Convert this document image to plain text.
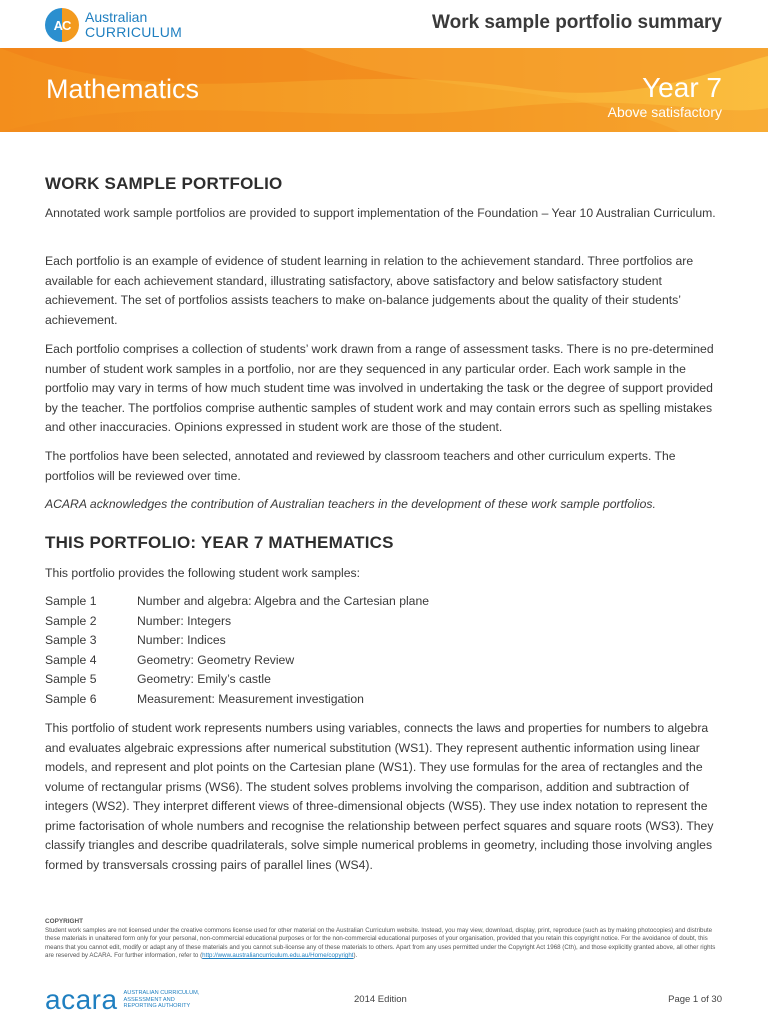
AC Australian
CURRICULUM	Work sample portfolio summary
Mathematics	Year 7
Above satisfactory
WORK SAMPLE PORTFOLIO

Annotated work sample portfolios are provided to support implementation of the Foundation – Year 10 Australian Curriculum.

Each portfolio is an example of evidence of student learning in relation to the achievement standard. Three portfolios are available for each achievement standard, illustrating satisfactory, above satisfactory and below satisfactory student achievement. The set of portfolios assists teachers to make on-balance judgements about the quality of their students’ achievement.

Each portfolio comprises a collection of students’ work drawn from a range of assessment tasks. There is no pre-determined number of student work samples in a portfolio, nor are they sequenced in any particular order. Each work sample in the portfolio may vary in terms of how much student time was involved in undertaking the task or the degree of support provided by the teacher. The portfolios comprise authentic samples of student work and may contain errors such as spelling mistakes and other inaccuracies. Opinions expressed in student work are those of the student.

The portfolios have been selected, annotated and reviewed by classroom teachers and other curriculum experts. The portfolios will be reviewed over time.

ACARA acknowledges the contribution of Australian teachers in the development of these work sample portfolios.

THIS PORTFOLIO: YEAR 7 MATHEMATICS

This portfolio provides the following student work samples:

Sample 1	Number and algebra: Algebra and the Cartesian plane
Sample 2	Number: Integers
Sample 3	Number: Indices
Sample 4	Geometry: Geometry Review
Sample 5	Geometry: Emily’s castle
Sample 6	Measurement: Measurement investigation

This portfolio of student work represents numbers using variables, connects the laws and properties for numbers to algebra and evaluates algebraic expressions after numerical substitution (WS1). They represent authentic information using linear models, and represent and plot points on the Cartesian plane (WS1). They use formulas for the area of rectangles and the volume of rectangular prisms (WS6). The student solves problems involving the comparison, addition and subtraction of integers (WS2). They interpret different views of three-dimensional objects (WS5). They use index notation to represent the prime factorisation of whole numbers and recognise the relationship between perfect squares and square roots (WS3). They classify triangles and describe quadrilaterals, solve simple numerical problems in geometry, including those involving angles formed by transversals crossing pairs of parallel lines (WS4).

COPYRIGHT
Student work samples are not licensed under the creative commons license used for other material on the Australian Curriculum website. Instead, you may view, download, display, print, reproduce (such as by making photocopies) and distribute these materials in unaltered form only for your personal, non-commercial educational purposes or for the non-commercial educational purposes of your organisation, provided that you retain this copyright notice. For the avoidance of doubt, this means that you cannot edit, modify or adapt any of these materials and you cannot sub-license any of these materials to others. Apart from any uses permitted under the Copyright Act 1968 (Cth), and those explicitly granted above, all other rights are reserved by ACARA. For further information, refer to (http://www.australiancurriculum.edu.au/Home/copyright).
acara AUSTRALIAN CURRICULUM,
ASSESSMENT AND
REPORTING AUTHORITY
2014 Edition	Page 1 of 30
